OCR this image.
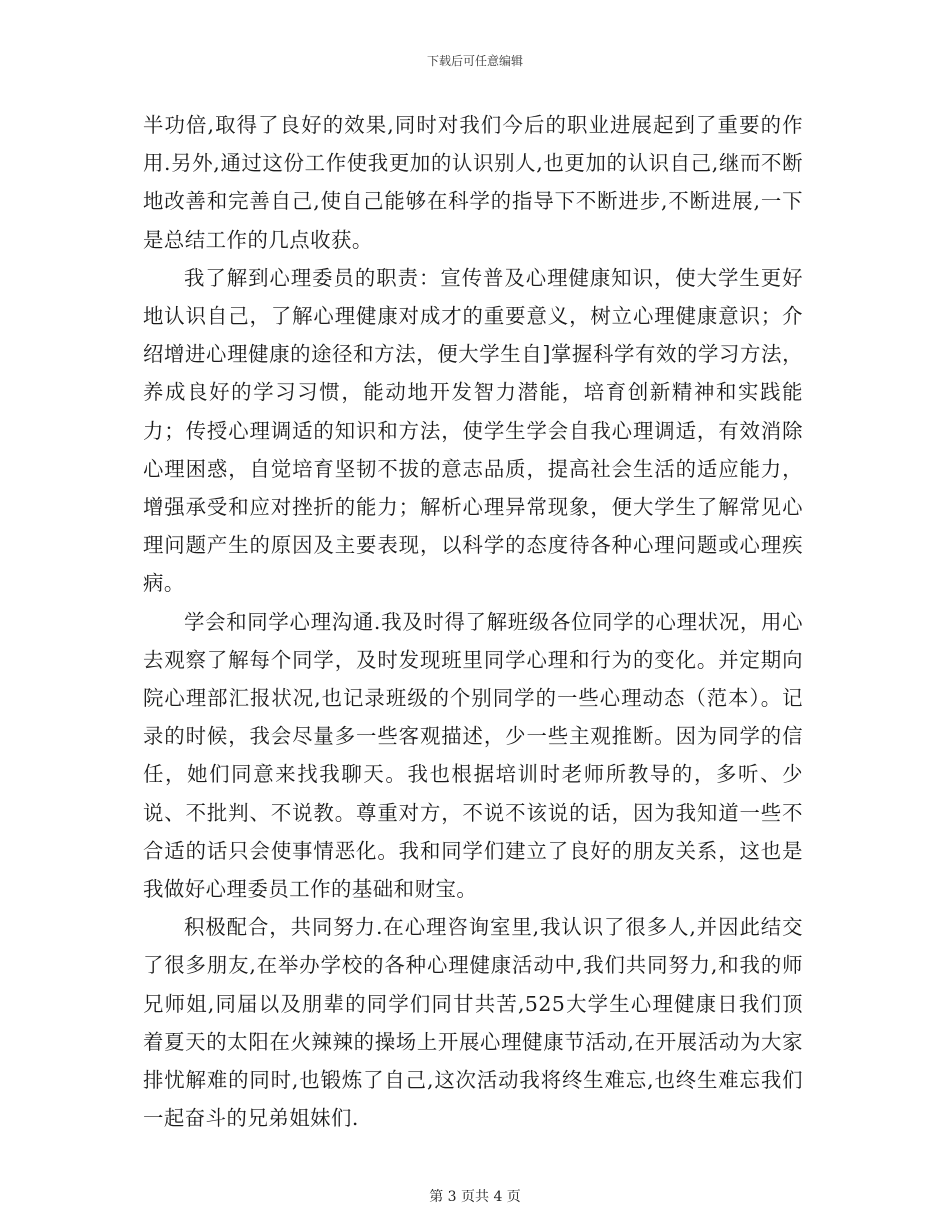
下载后可任意编辑

半功倍,取得了良好的效果,同时对我们今后的职业进展起到了重要的作用.另外,通过这份工作使我更加的认识别人,也更加的认识自己,继而不断地改善和完善自己,使自己能够在科学的指导下不断进步,不断进展,一下是总结工作的几点收获。

我了解到心理委员的职责：宣传普及心理健康知识，使大学生更好地认识自己，了解心理健康对成才的重要意义，树立心理健康意识；介绍增进心理健康的途径和方法，便大学生自]掌握科学有效的学习方法，养成良好的学习习惯，能动地开发智力潜能，培育创新精神和实践能力；传授心理调适的知识和方法，使学生学会自我心理调适，有效消除心理困惑，自觉培育坚韧不拔的意志品质，提高社会生活的适应能力，增强承受和应对挫折的能力；解析心理异常现象，便大学生了解常见心理问题产生的原因及主要表现，以科学的态度待各种心理问题或心理疾病。

学会和同学心理沟通.我及时得了解班级各位同学的心理状况，用心去观察了解每个同学，及时发现班里同学心理和行为的变化。并定期向院心理部汇报状况,也记录班级的个别同学的一些心理动态（范本）。记录的时候，我会尽量多一些客观描述，少一些主观推断。因为同学的信任，她们同意来找我聊天。我也根据培训时老师所教导的，多听、少说、不批判、不说教。尊重对方，不说不该说的话，因为我知道一些不合适的话只会使事情恶化。我和同学们建立了良好的朋友关系，这也是我做好心理委员工作的基础和财宝。

积极配合，共同努力.在心理咨询室里,我认识了很多人,并因此结交了很多朋友,在举办学校的各种心理健康活动中,我们共同努力,和我的师兄师姐,同届以及朋辈的同学们同甘共苦,525大学生心理健康日我们顶着夏天的太阳在火辣辣的操场上开展心理健康节活动,在开展活动为大家排忧解难的同时,也锻炼了自己,这次活动我将终生难忘,也终生难忘我们一起奋斗的兄弟姐妹们.

第 3 页共 4 页
